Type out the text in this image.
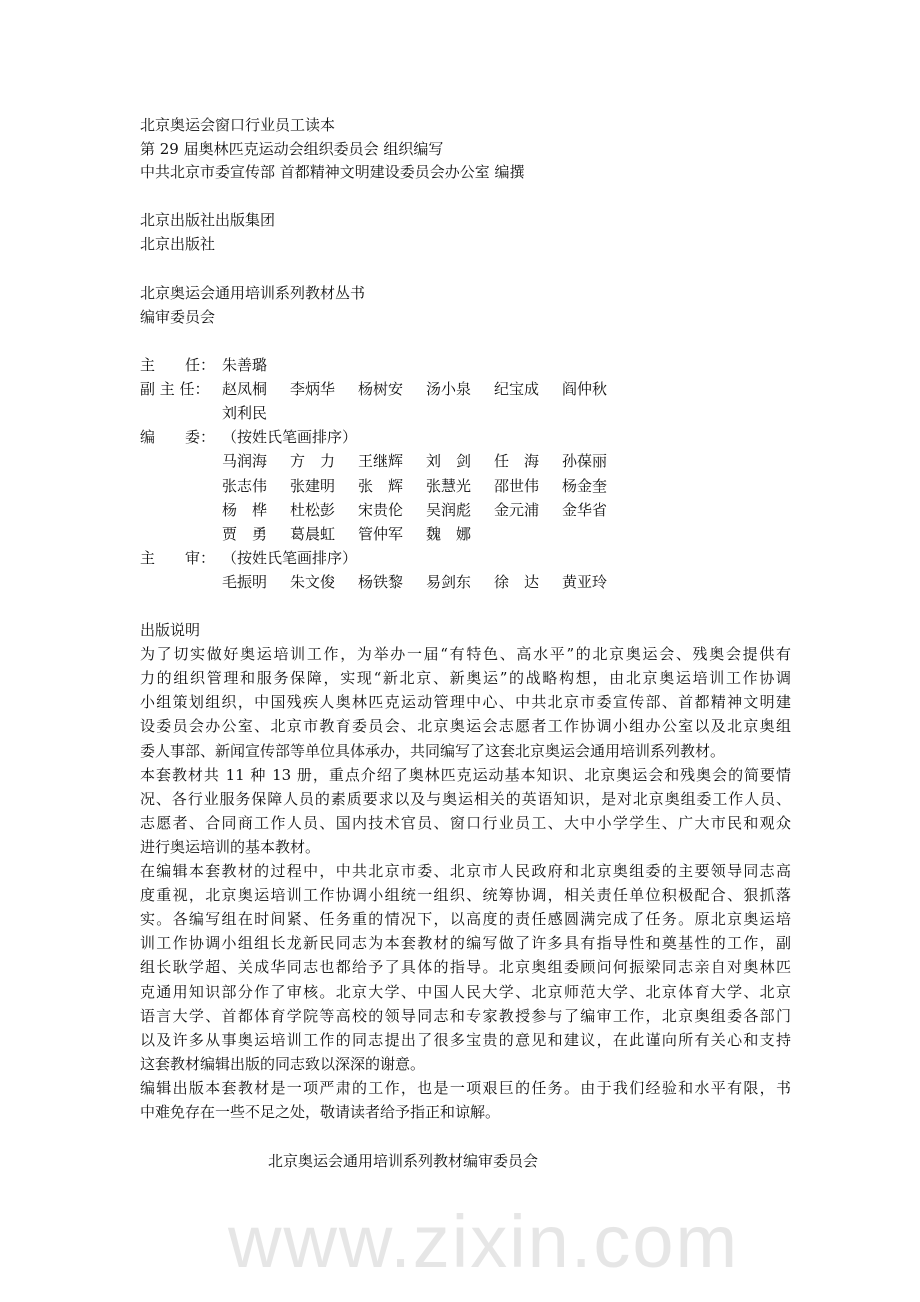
www.zixin.com
北京奥运会窗口行业员工读本
第 29 届奥林匹克运动会组织委员会 组织编写
中共北京市委宣传部 首都精神文明建设委员会办公室 编撰
北京出版社出版集团
北京出版社
北京奥运会通用培训系列教材丛书
编审委员会
主　　任： 朱善璐
副 主 任： 赵凤桐 李炳华 杨树安 汤小泉 纪宝成 阎仲秋
刘利民
编　　委： （按姓氏笔画排序）
马润海 方　力 王继辉 刘　剑 任　海 孙葆丽
张志伟 张建明 张　辉 张慧光 邵世伟 杨金奎
杨　桦 杜松彭 宋贵伦 吴润彪 金元浦 金华省
贾　勇 葛晨虹 管仲军 魏　娜
主　　审： （按姓氏笔画排序）
毛振明 朱文俊 杨铁黎 易剑东 徐　达 黄亚玲
出版说明
为了切实做好奥运培训工作，为举办一届“有特色、高水平”的北京奥运会、残奥会提供有
力的组织管理和服务保障，实现“新北京、新奥运”的战略构想，由北京奥运培训工作协调
小组策划组织，中国残疾人奥林匹克运动管理中心、中共北京市委宣传部、首都精神文明建
设委员会办公室、北京市教育委员会、北京奥运会志愿者工作协调小组办公室以及北京奥组
委人事部、新闻宣传部等单位具体承办，共同编写了这套北京奥运会通用培训系列教材。
本套教材共 11 种 13 册，重点介绍了奥林匹克运动基本知识、北京奥运会和残奥会的简要情
况、各行业服务保障人员的素质要求以及与奥运相关的英语知识，是对北京奥组委工作人员、
志愿者、合同商工作人员、国内技术官员、窗口行业员工、大中小学学生、广大市民和观众
进行奥运培训的基本教材。
在编辑本套教材的过程中，中共北京市委、北京市人民政府和北京奥组委的主要领导同志高
度重视，北京奥运培训工作协调小组统一组织、统筹协调，相关责任单位积极配合、狠抓落
实。各编写组在时间紧、任务重的情况下，以高度的责任感圆满完成了任务。原北京奥运培
训工作协调小组组长龙新民同志为本套教材的编写做了许多具有指导性和奠基性的工作，副
组长耿学超、关成华同志也都给予了具体的指导。北京奥组委顾问何振梁同志亲自对奥林匹
克通用知识部分作了审核。北京大学、中国人民大学、北京师范大学、北京体育大学、北京
语言大学、首都体育学院等高校的领导同志和专家教授参与了编审工作，北京奥组委各部门
以及许多从事奥运培训工作的同志提出了很多宝贵的意见和建议，在此谨向所有关心和支持
这套教材编辑出版的同志致以深深的谢意。
编辑出版本套教材是一项严肃的工作，也是一项艰巨的任务。由于我们经验和水平有限，书
中难免存在一些不足之处，敬请读者给予指正和谅解。
北京奥运会通用培训系列教材编审委员会
